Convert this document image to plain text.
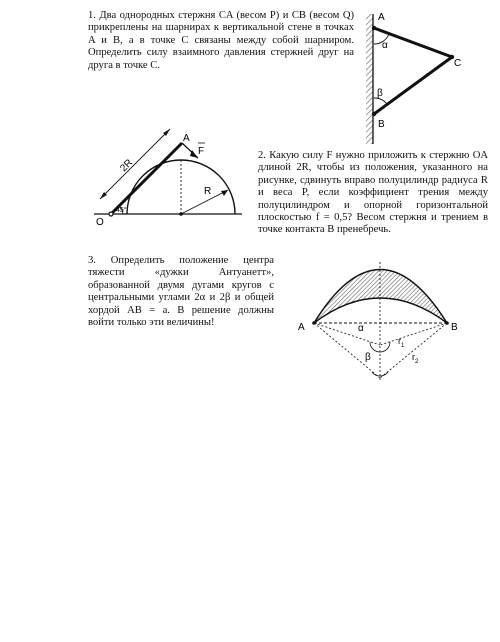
1. Два однородных стержня CA (весом P) и CB (весом Q) прикреплены на шарнирах к вертикальной стене в точках A и B, а в точке C связаны между собой шарниром. Определить силу взаимного давления стержней друг на друга в точке C.

2. Какую силу F нужно приложить к стержню OA длиной 2R, чтобы из положения, указанного на рисунке, сдвинуть вправо полуцилиндр радиуса R и веса P, если коэффициент трения между полуцилиндром и опорной горизонтальной плоскостью f = 0,5? Весом стержня и трением в точке контакта B пренебречь.

3. Определить положение центра тяжести «дужки Антуанетт», образованной двумя дугами кругов с центральными углами 2α и 2β и общей хордой AB = a. В решение должны войти только эти величины!

A
B
C
α
β
A
F
2R
R
O
45°
A	B
α
β
$r_1$
$r_2$
